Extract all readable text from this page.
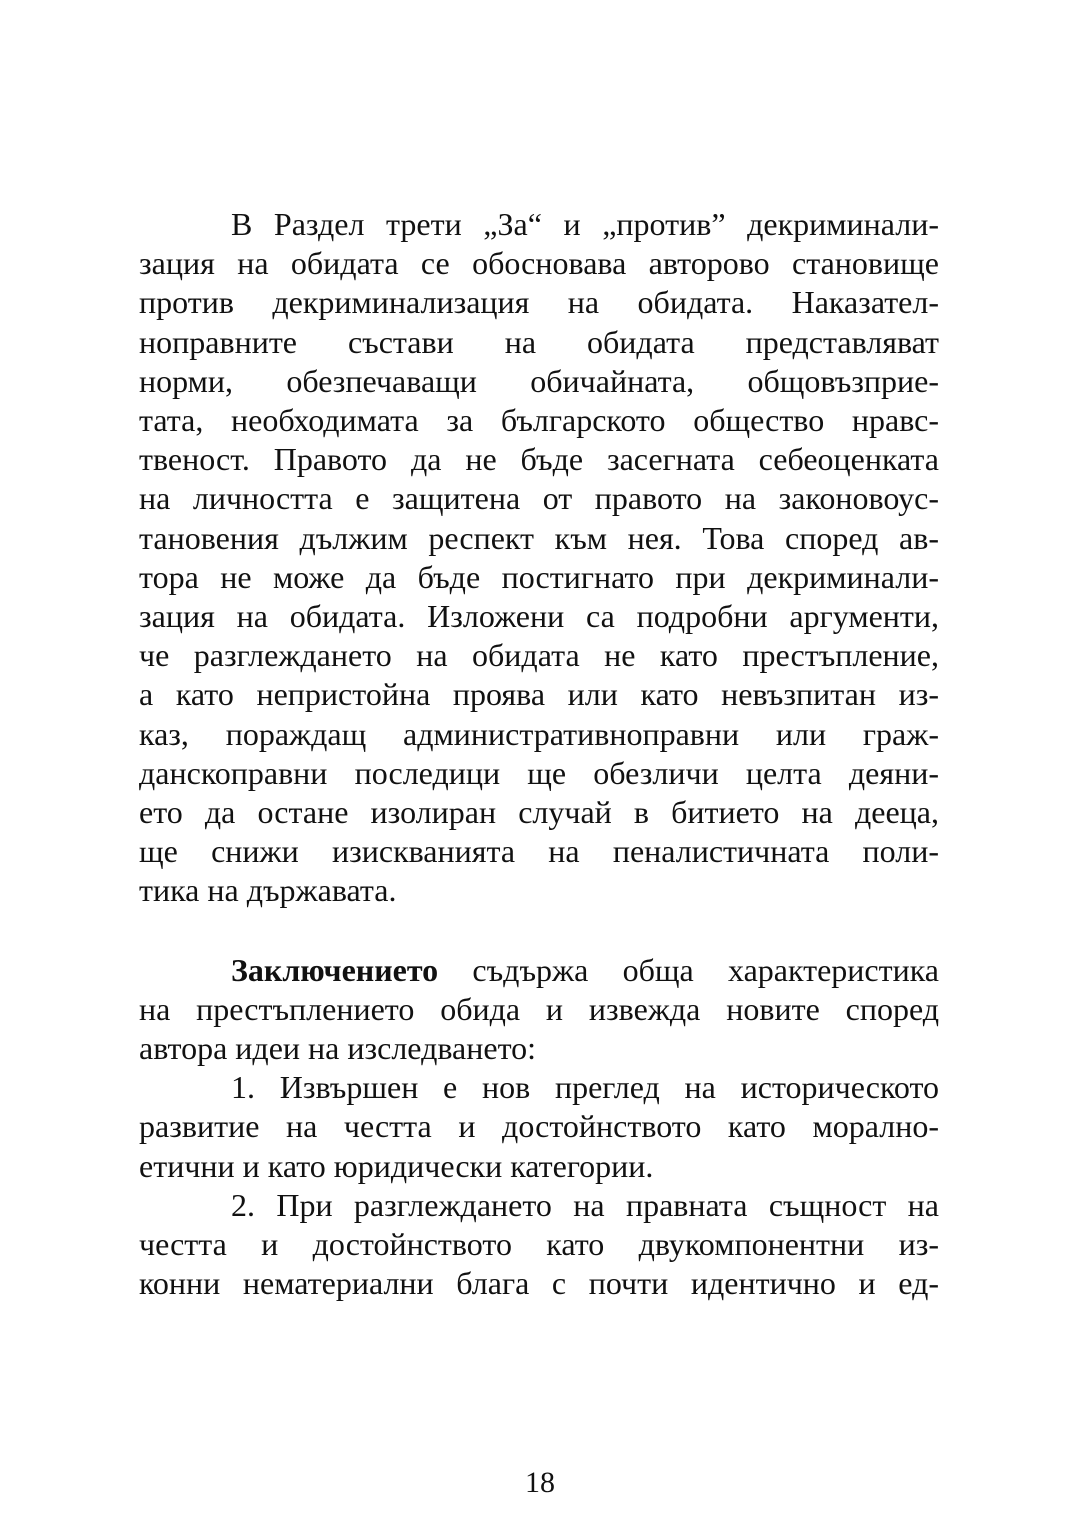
В Раздел трети „За“ и „против” декриминали-
зация на обидата се обосновава авторово становище
против декриминализация на обидата. Наказател-
ноправните състави на обидата представляват
норми, обезпечаващи обичайната, общовъзприе-
тата, необходимата за българското общество нравс-
твеност. Правото да не бъде засегната себеоценката
на личността е защитена от правото на законовоус-
тановения дължим респект към нея. Това според ав-
тора не може да бъде постигнато при декриминали-
зация на обидата. Изложени са подробни аргументи,
че разглеждането на обидата не като престъпление,
а като непристойна проява или като невъзпитан из-
каз, пораждащ административноправни или граж-
данскоправни последици ще обезличи целта деяни-
ето да остане изолиран случай в битието на дееца,
ще снижи изискванията на пеналистичната поли-
тика на държавата.
Заключението съдържа обща характеристика
на престъплението обида и извежда новите според
автора идеи на изследването:
1. Извършен е нов преглед на историческото
развитие на честта и достойнството като морално-
етични и като юридически категории.
2. При разглеждането на правната същност на
честта и достойнството като двукомпонентни из-
конни нематериални блага с почти идентично и ед-
18
